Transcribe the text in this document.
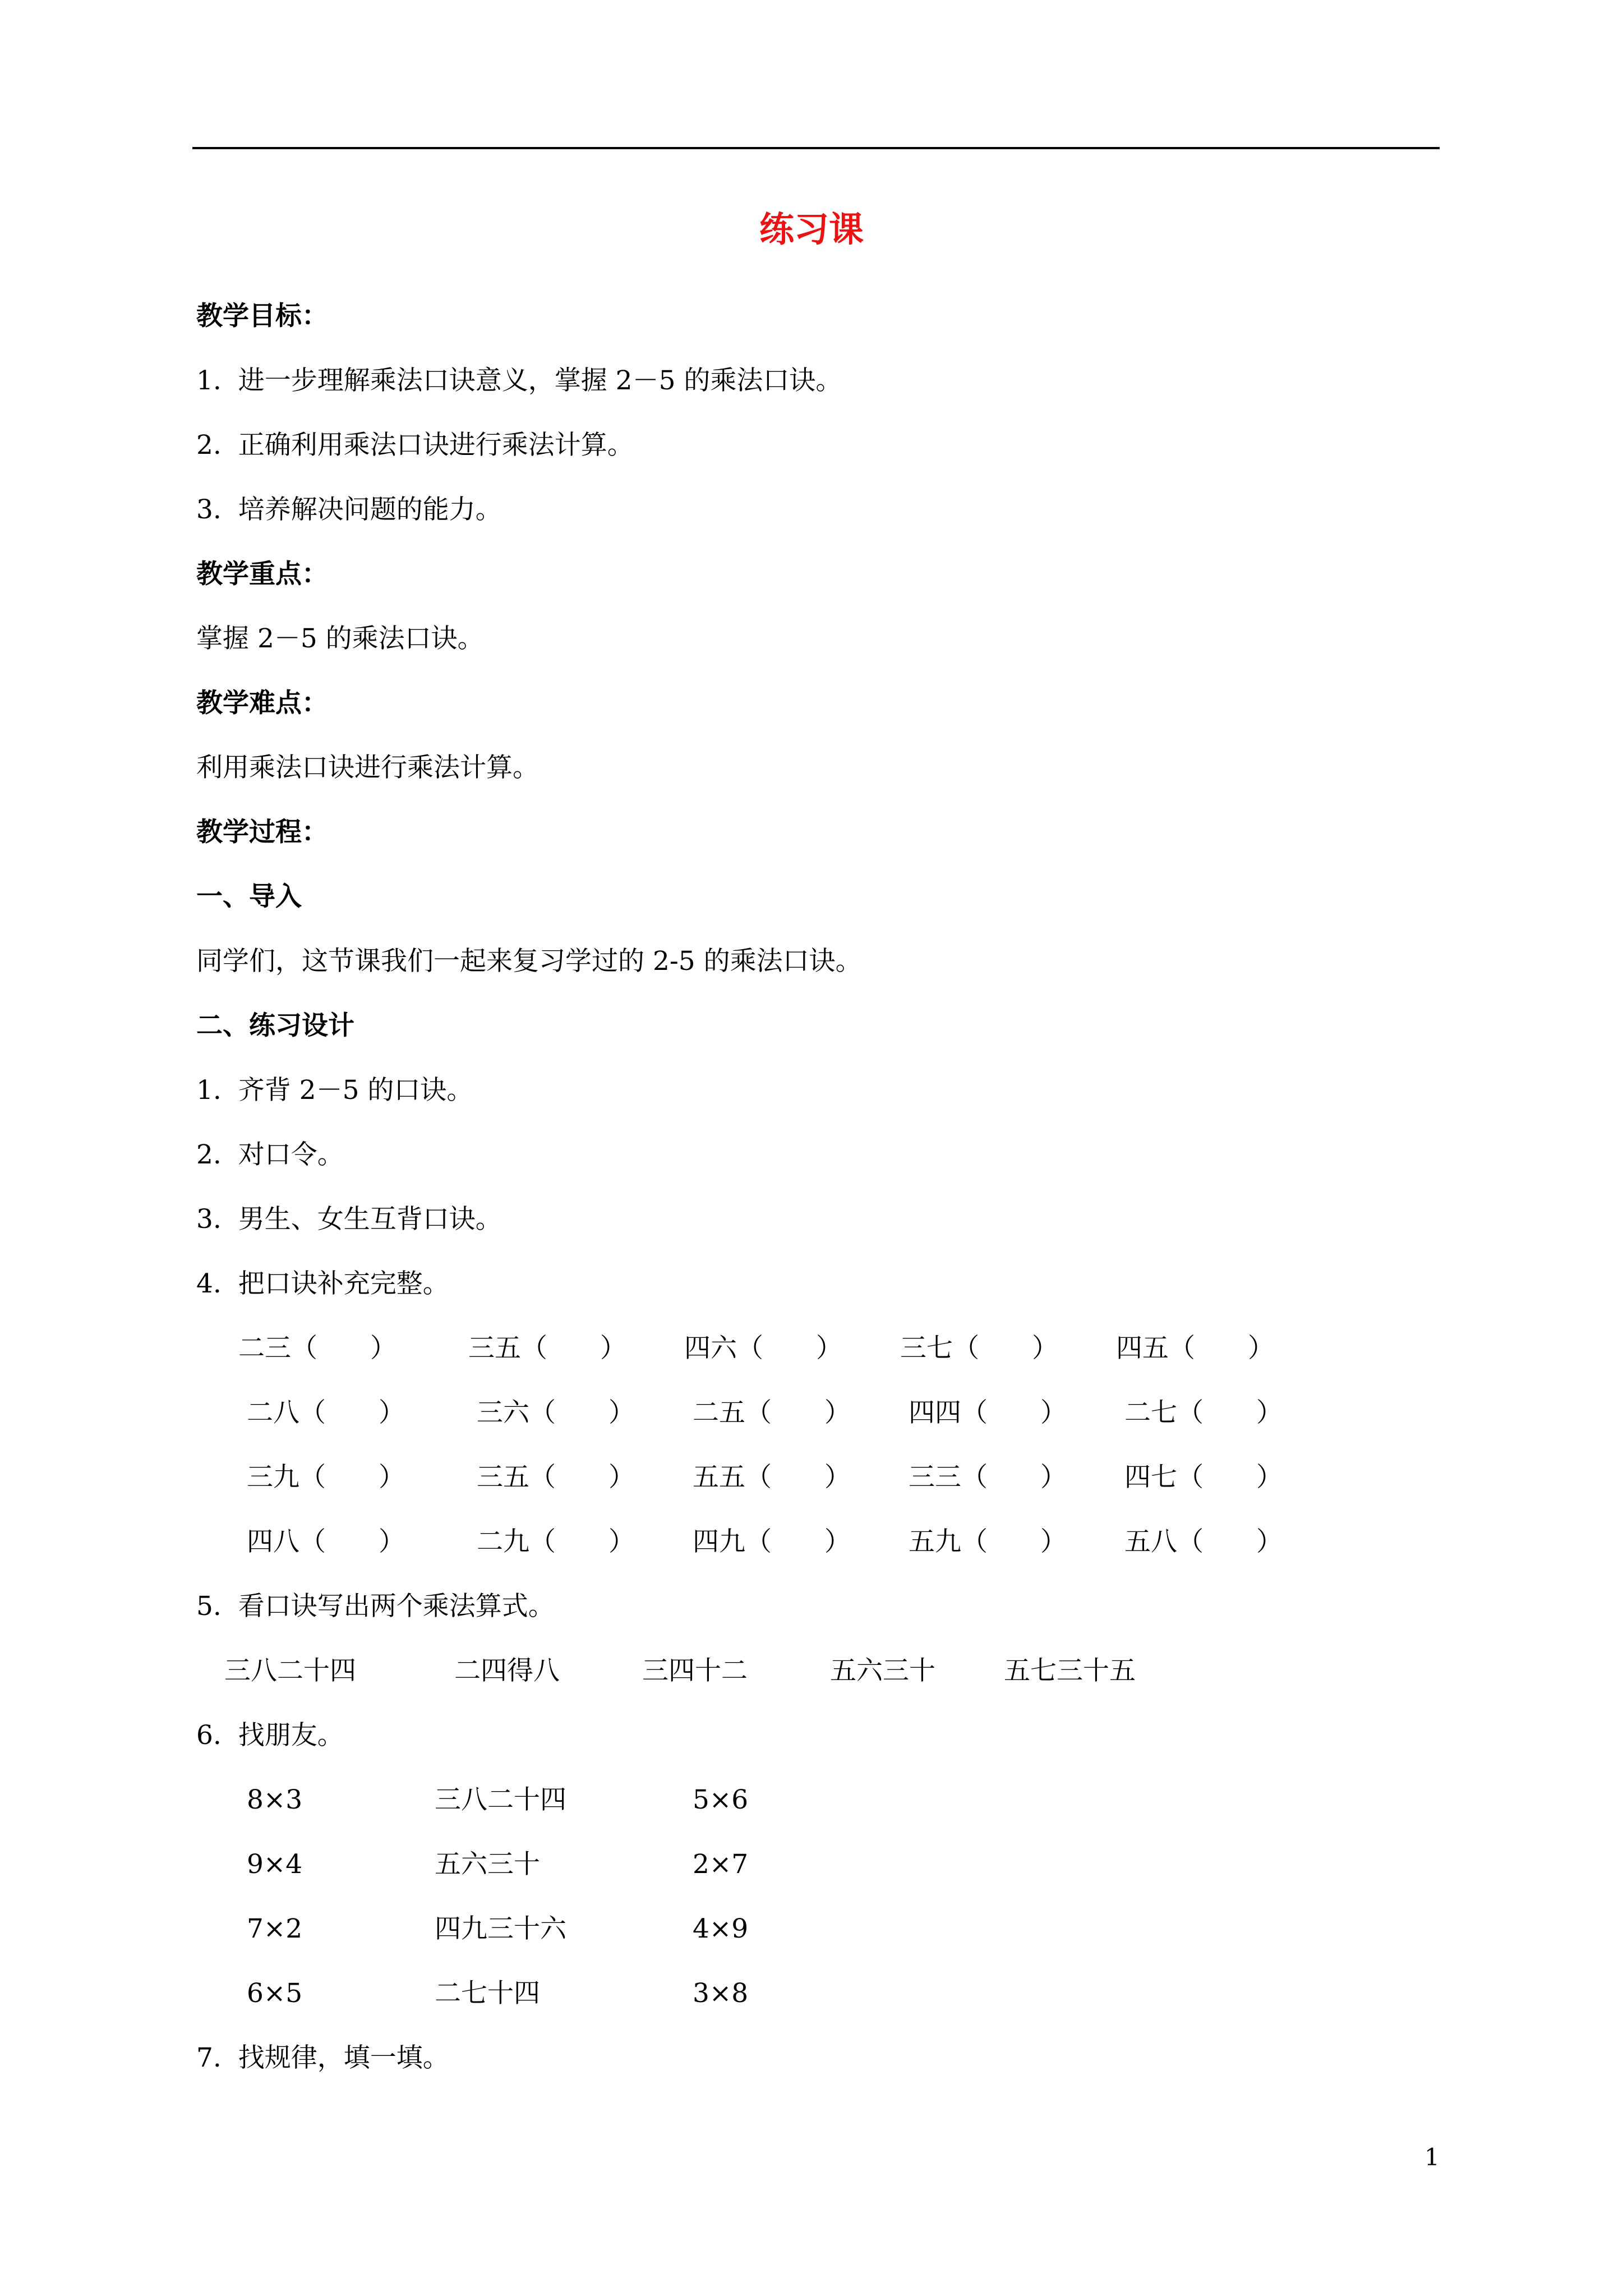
练习课
教学目标：
1.  进一步理解乘法口诀意义，掌握 2－5 的乘法口诀。
2.  正确利用乘法口诀进行乘法计算。
3.  培养解决问题的能力。
教学重点：
掌握 2－5 的乘法口诀。
教学难点：
利用乘法口诀进行乘法计算。
教学过程：
一、导入
同学们，这节课我们一起来复习学过的 2-5 的乘法口诀。
二、练习设计
1.  齐背 2－5 的口诀。
2.  对口令。
3.  男生、女生互背口诀。
4.  把口诀补充完整。
二三（　　）	三五（　　） 四六（　　） 三七（　　） 四五（　　）
二八（　　）	三六（　　） 二五（　　） 四四（　　） 二七（　　）
三九（　　）	三五（　　） 五五（　　） 三三（　　） 四七（　　）
四八（　　）	二九（　　） 四九（　　） 五九（　　） 五八（　　）
5.  看口诀写出两个乘法算式。
三八二十四	二四得八	三四十二	五六三十	五七三十五
6.  找朋友。
8×3	三八二十四	5×6
9×4	五六三十	2×7
7×2	四九三十六	4×9
6×5	二七十四	3×8
7.  找规律，填一填。
1
